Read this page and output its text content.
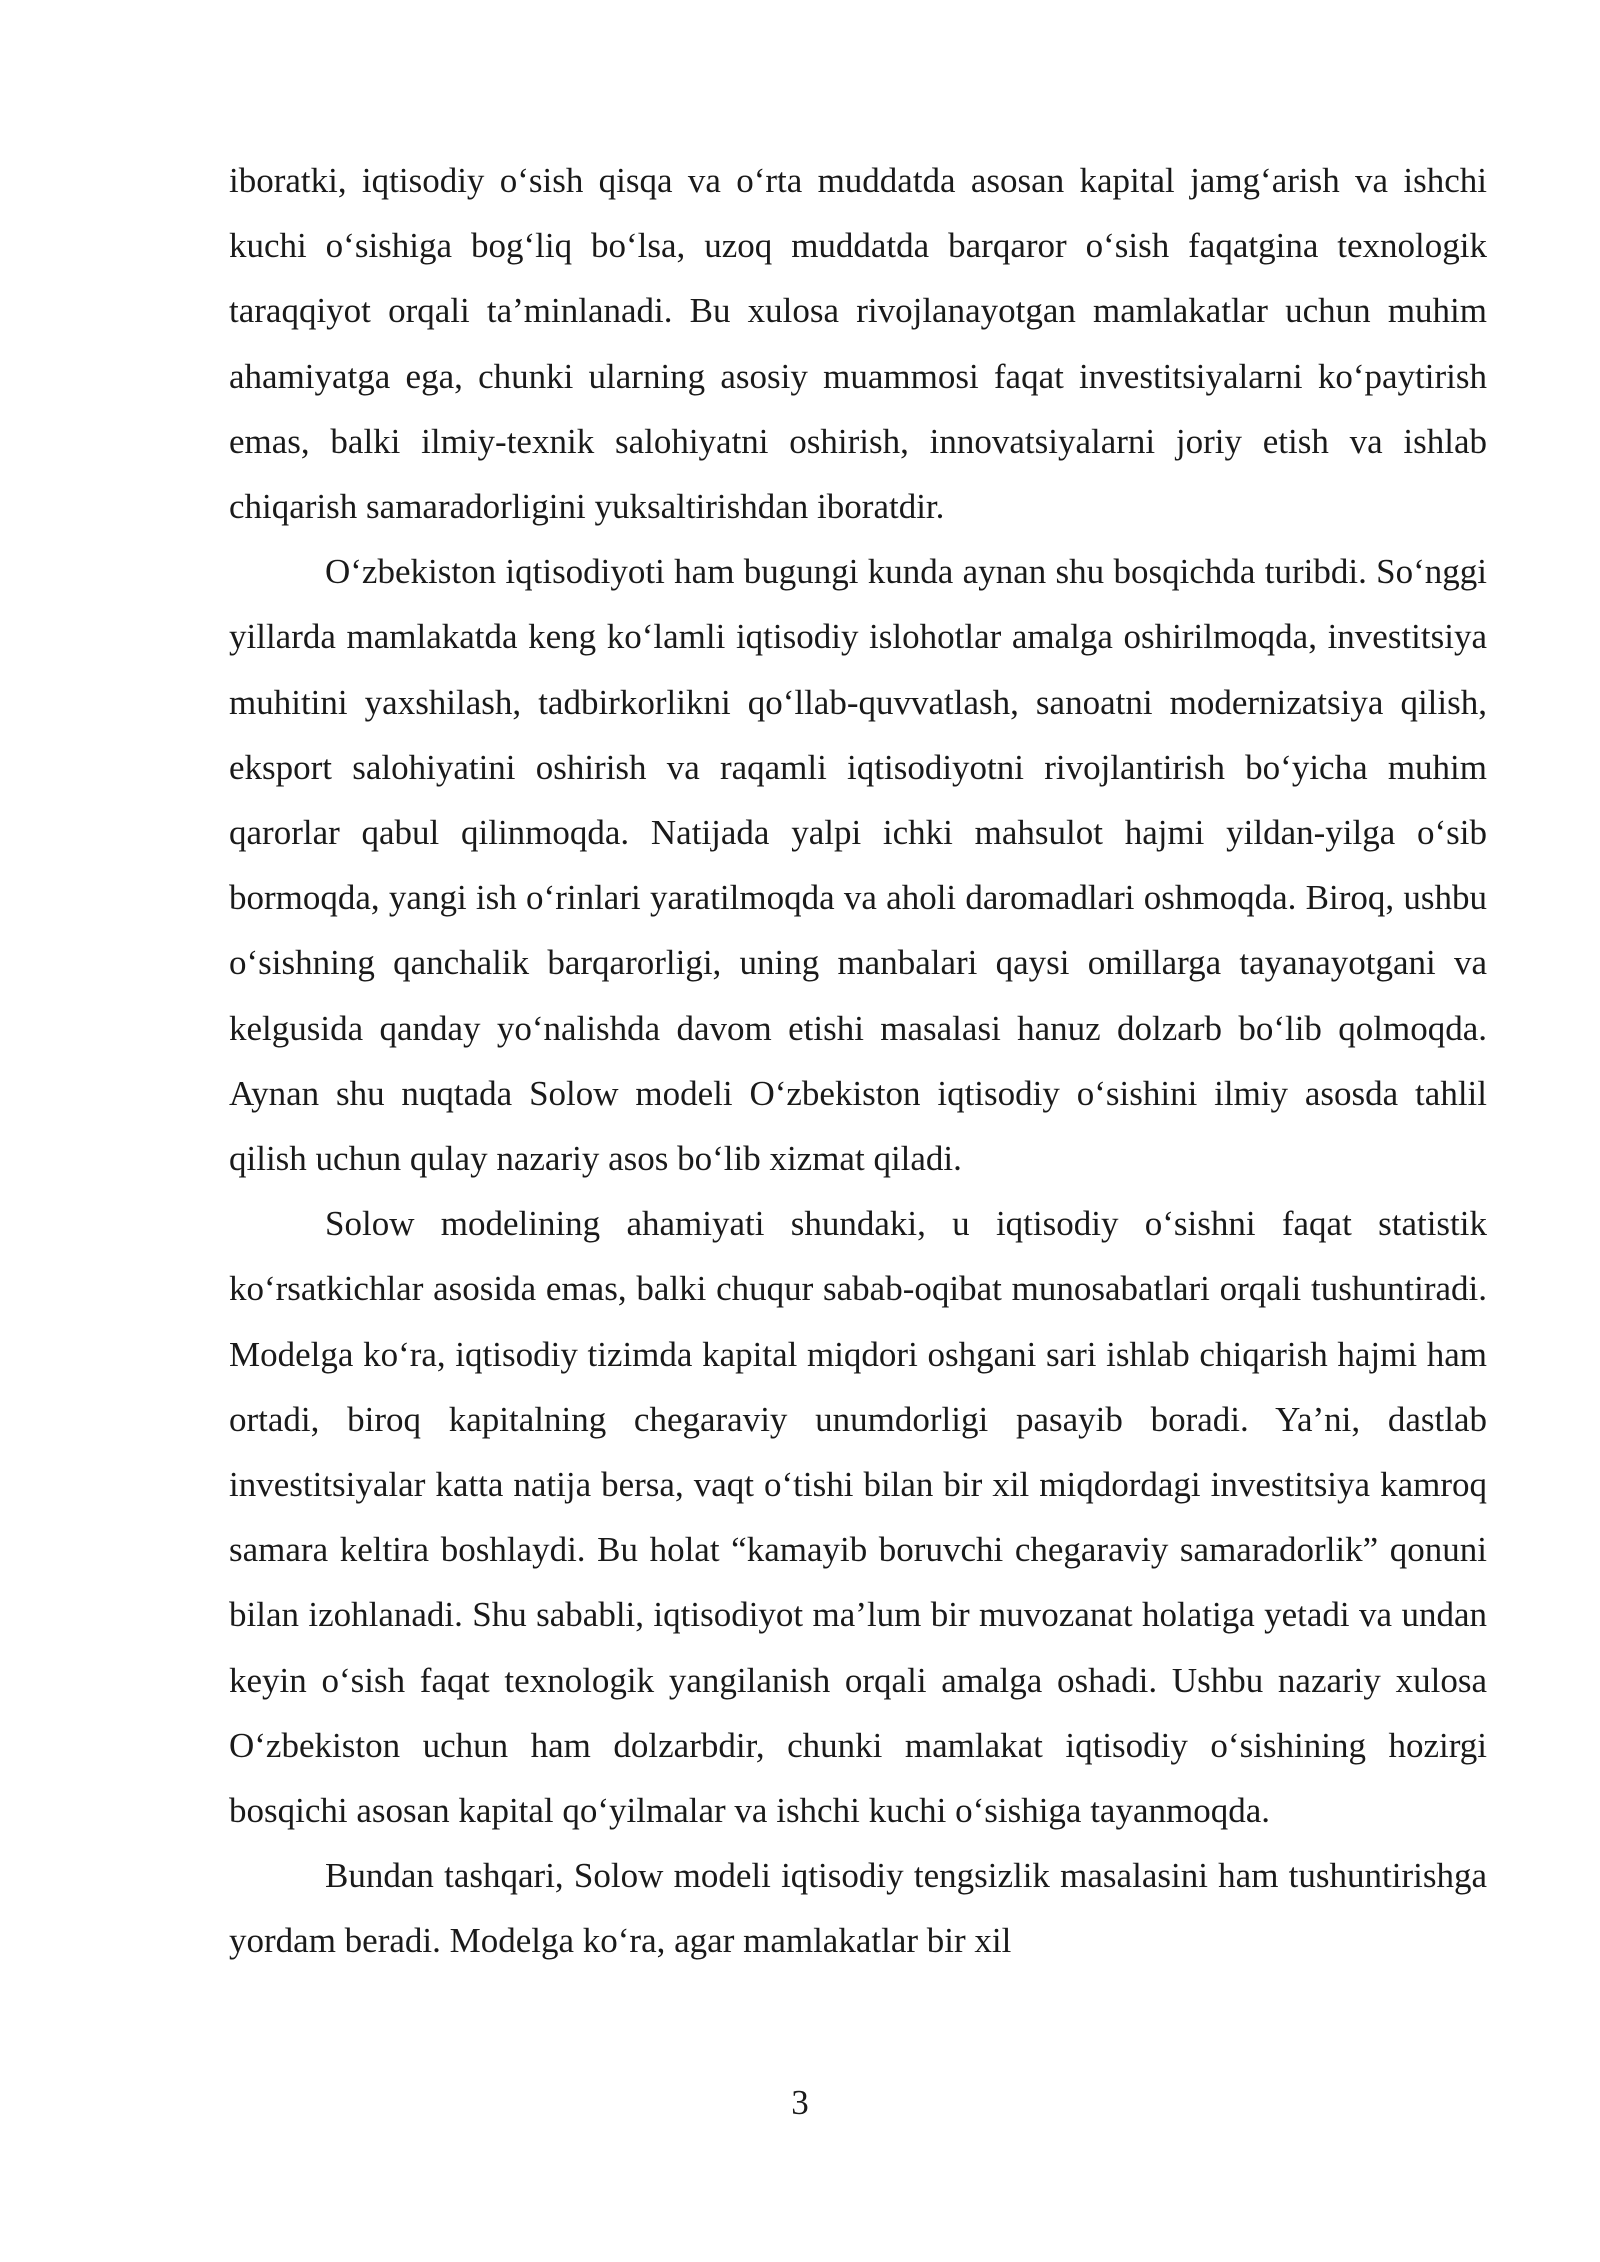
iboratki, iqtisodiy o‘sish qisqa va o‘rta muddatda asosan kapital jamg‘arish va ishchi kuchi o‘sishiga bog‘liq bo‘lsa, uzoq muddatda barqaror o‘sish faqatgina texnologik taraqqiyot orqali ta’minlanadi. Bu xulosa rivojlanayotgan mamlakatlar uchun muhim ahamiyatga ega, chunki ularning asosiy muammosi faqat investitsiyalarni ko‘paytirish emas, balki ilmiy-texnik salohiyatni oshirish, innovatsiyalarni joriy etish va ishlab chiqarish samaradorligini yuksaltirishdan iboratdir.

O‘zbekiston iqtisodiyoti ham bugungi kunda aynan shu bosqichda turibdi. So‘nggi yillarda mamlakatda keng ko‘lamli iqtisodiy islohotlar amalga oshirilmoqda, investitsiya muhitini yaxshilash, tadbirkorlikni qo‘llab-quvvatlash, sanoatni modernizatsiya qilish, eksport salohiyatini oshirish va raqamli iqtisodiyotni rivojlantirish bo‘yicha muhim qarorlar qabul qilinmoqda. Natijada yalpi ichki mahsulot hajmi yildan-yilga o‘sib bormoqda, yangi ish o‘rinlari yaratilmoqda va aholi daromadlari oshmoqda. Biroq, ushbu o‘sishning qanchalik barqarorligi, uning manbalari qaysi omillarga tayanayotgani va kelgusida qanday yo‘nalishda davom etishi masalasi hanuz dolzarb bo‘lib qolmoqda. Aynan shu nuqtada Solow modeli O‘zbekiston iqtisodiy o‘sishini ilmiy asosda tahlil qilish uchun qulay nazariy asos bo‘lib xizmat qiladi.

Solow modelining ahamiyati shundaki, u iqtisodiy o‘sishni faqat statistik ko‘rsatkichlar asosida emas, balki chuqur sabab-oqibat munosabatlari orqali tushuntiradi. Modelga ko‘ra, iqtisodiy tizimda kapital miqdori oshgani sari ishlab chiqarish hajmi ham ortadi, biroq kapitalning chegaraviy unumdorligi pasayib boradi. Ya’ni, dastlab investitsiyalar katta natija bersa, vaqt o‘tishi bilan bir xil miqdordagi investitsiya kamroq samara keltira boshlaydi. Bu holat “kamayib boruvchi chegaraviy samaradorlik” qonuni bilan izohlanadi. Shu sababli, iqtisodiyot ma’lum bir muvozanat holatiga yetadi va undan keyin o‘sish faqat texnologik yangilanish orqali amalga oshadi. Ushbu nazariy xulosa O‘zbekiston uchun ham dolzarbdir, chunki mamlakat iqtisodiy o‘sishining hozirgi bosqichi asosan kapital qo‘yilmalar va ishchi kuchi o‘sishiga tayanmoqda.

Bundan tashqari, Solow modeli iqtisodiy tengsizlik masalasini ham tushuntirishga yordam beradi. Modelga ko‘ra, agar mamlakatlar bir xil

3
